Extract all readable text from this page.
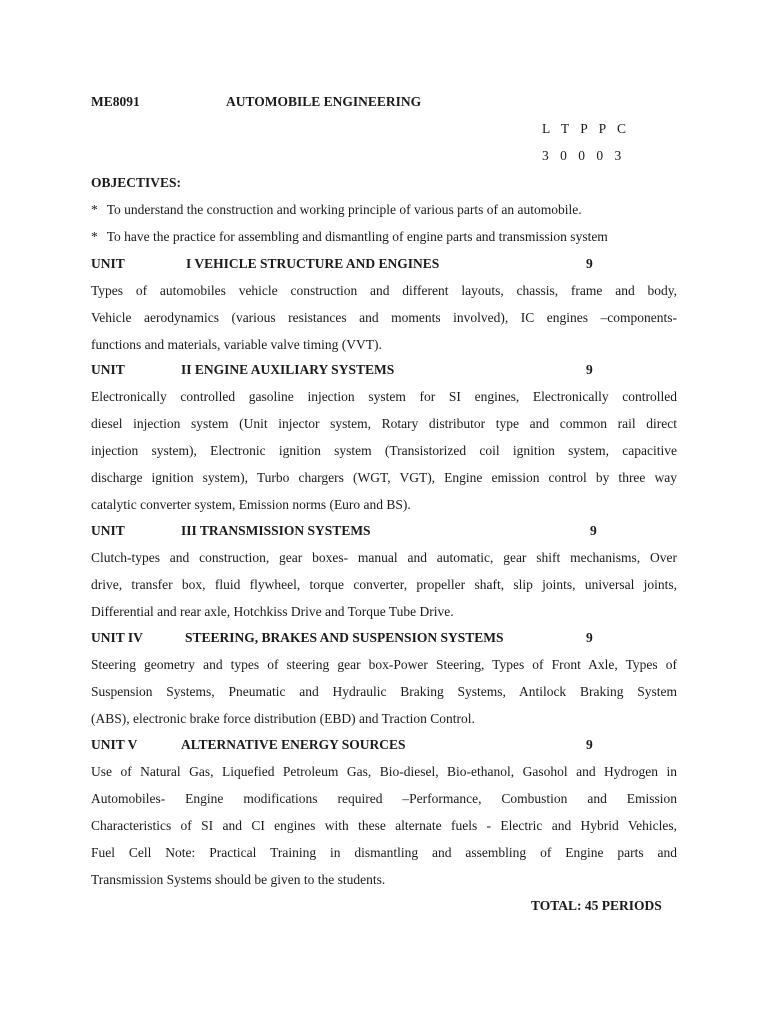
ME8091	AUTOMOBILE ENGINEERING
L T P P C
3 0 0 0 3
OBJECTIVES:
* To understand the construction and working principle of various parts of an automobile.
* To have the practice for assembling and dismantling of engine parts and transmission system
UNIT	I VEHICLE STRUCTURE AND ENGINES	9
Types of automobiles vehicle construction and different layouts, chassis, frame and body,
Vehicle aerodynamics (various resistances and moments involved), IC engines –components-
functions and materials, variable valve timing (VVT).
UNIT	II ENGINE AUXILIARY SYSTEMS	9
Electronically controlled gasoline injection system for SI engines, Electronically controlled
diesel injection system (Unit injector system, Rotary distributor type and common rail direct
injection system), Electronic ignition system (Transistorized coil ignition system, capacitive
discharge ignition system), Turbo chargers (WGT, VGT), Engine emission control by three way
catalytic converter system, Emission norms (Euro and BS).
UNIT	III TRANSMISSION SYSTEMS	9
Clutch-types and construction, gear boxes- manual and automatic, gear shift mechanisms, Over
drive, transfer box, fluid flywheel, torque converter, propeller shaft, slip joints, universal joints,
Differential and rear axle, Hotchkiss Drive and Torque Tube Drive.
UNIT IV	STEERING, BRAKES AND SUSPENSION SYSTEMS	9
Steering geometry and types of steering gear box-Power Steering, Types of Front Axle, Types of
Suspension Systems, Pneumatic and Hydraulic Braking Systems, Antilock Braking System
(ABS), electronic brake force distribution (EBD) and Traction Control.
UNIT V	ALTERNATIVE ENERGY SOURCES	9
Use of Natural Gas, Liquefied Petroleum Gas, Bio-diesel, Bio-ethanol, Gasohol and Hydrogen in
Automobiles- Engine modifications required –Performance, Combustion and Emission
Characteristics of SI and CI engines with these alternate fuels - Electric and Hybrid Vehicles,
Fuel Cell Note: Practical Training in dismantling and assembling of Engine parts and
Transmission Systems should be given to the students.
TOTAL: 45 PERIODS
